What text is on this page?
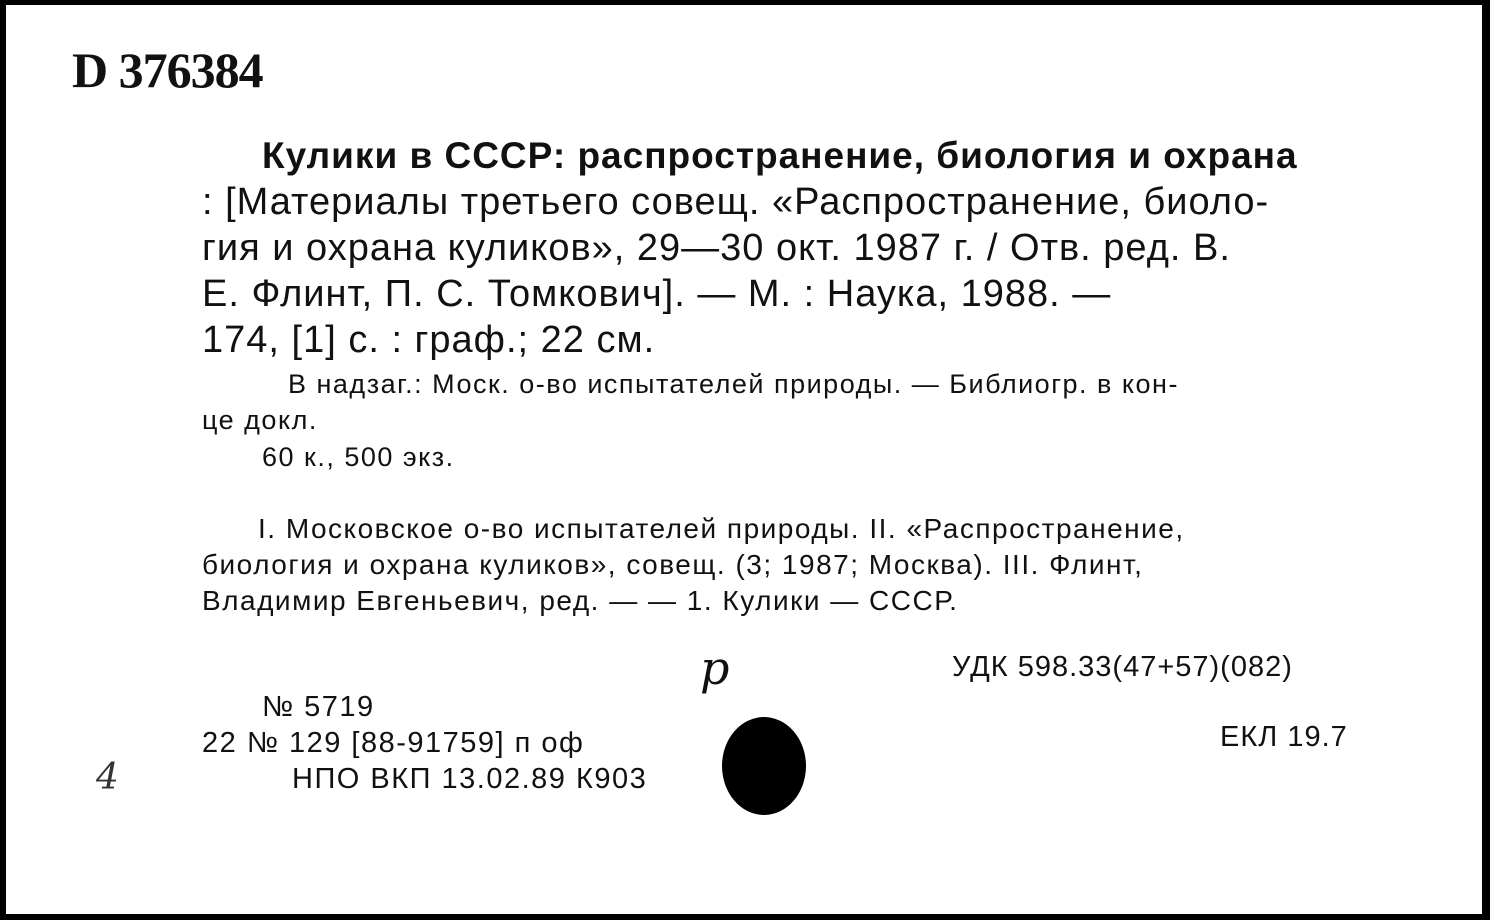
D 376384
Кулики в СССР: распространение, биология и охрана
: [Материалы третьего совещ. «Распространение, биоло-
гия и охрана куликов», 29—30 окт. 1987 г. / Отв. ред. В.
Е. Флинт, П. С. Томкович]. — М. : Наука, 1988. —
174, [1] с. : граф.; 22 см.
В надзаг.: Моск. о-во испытателей природы. — Библиогр. в кон-
це докл.
60 к., 500 экз.
I. Московское о-во испытателей природы. II. «Распространение,
биология и охрана куликов», совещ. (3; 1987; Москва). III. Флинт,
Владимир Евгеньевич, ред. — — 1. Кулики — СССР.
УДК 598.33(47+57)(082)
ЕКЛ 19.7
№ 5719
22 № 129 [88-91759] п оф
НПО ВКП 13.02.89 К903
р
4
